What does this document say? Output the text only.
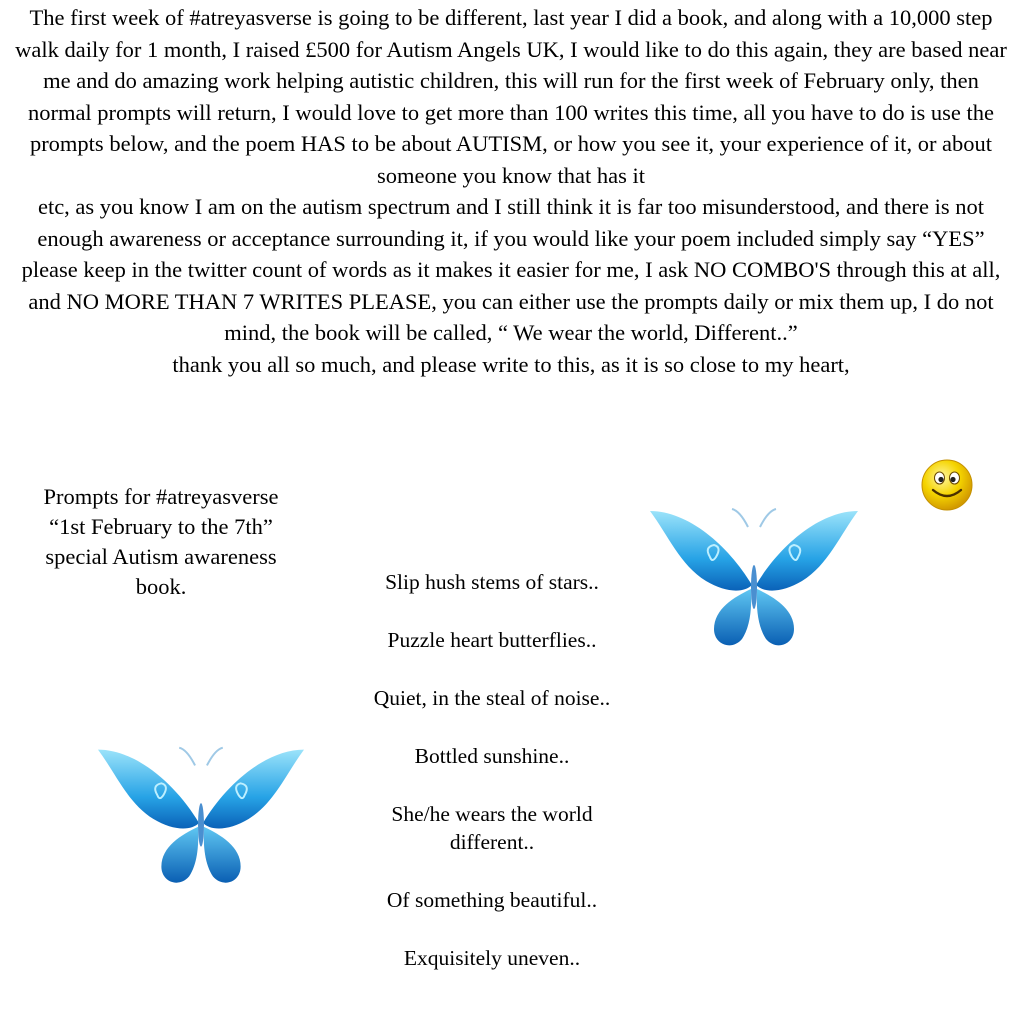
The first week of #atreyasverse is going to be different, last year I did a book, and along with a 10,000 step walk daily for 1 month, I raised £500 for Autism Angels UK, I would like to do this again, they are based near me and do amazing work helping autistic children, this will run for the first week of February only, then normal prompts will return, I would love to get more than 100 writes this time, all you have to do is use the prompts below, and the poem HAS to be about AUTISM, or how you see it, your experience of it, or about someone you know that has it

etc, as you know I am on the autism spectrum and I still think it is far too misunderstood, and there is not enough awareness or acceptance surrounding it, if you would like your poem included simply say “YES” please keep in the twitter count of words as it makes it easier for me, I ask NO COMBO'S through this at all, and NO MORE THAN 7 WRITES PLEASE, you can either use the prompts daily or mix them up, I do not mind, the book will be called, “ We wear the world, Different..”

thank you all so much, and please write to this, as it is so close to my heart,

Prompts for #atreyasverse
“1st February to the 7th”
special Autism awareness
book.	Slip hush stems of stars..
Puzzle heart butterflies..
Quiet, in the steal of noise..
Bottled sunshine..
She/he wears the world different..
Of something beautiful..
Exquisitely uneven..
